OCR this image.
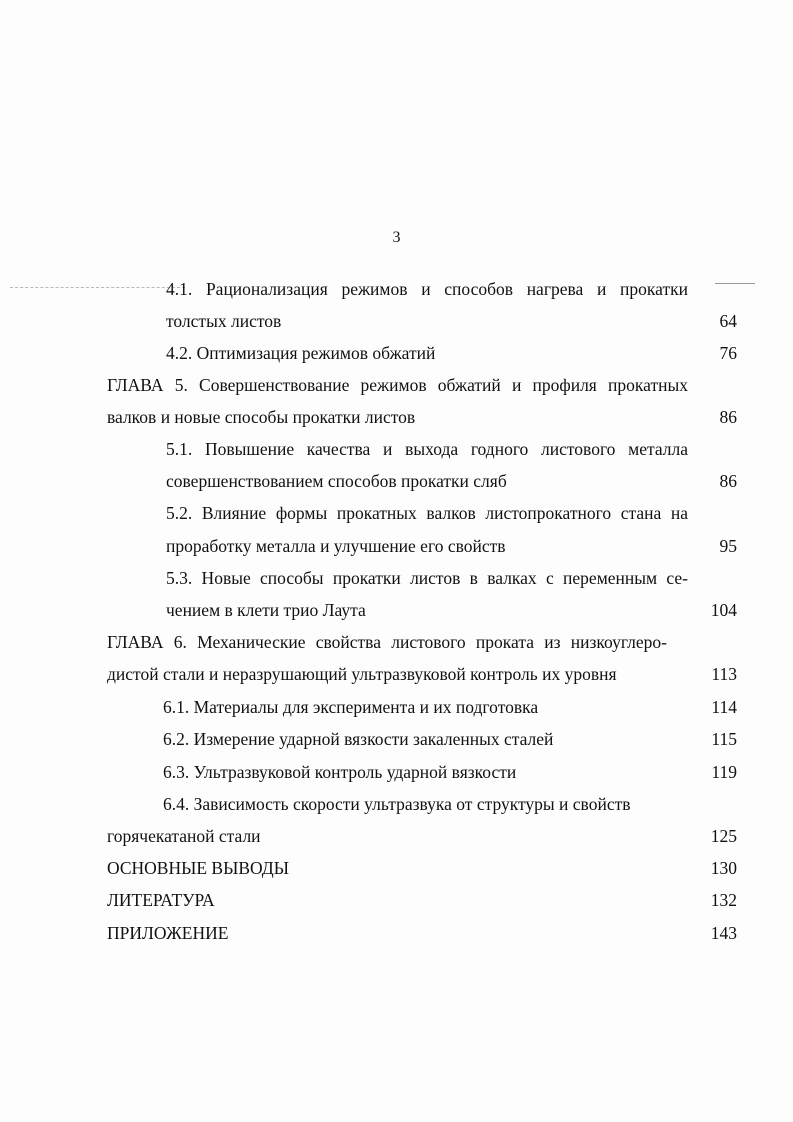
3
4.1. Рационализация режимов и способов нагрева и прокатки
толстых листов	64
4.2. Оптимизация режимов обжатий	76
ГЛАВА 5. Совершенствование режимов обжатий и профиля прокатных
валков и новые способы прокатки листов	86
5.1. Повышение качества и выхода годного листового металла
совершенствованием способов прокатки сляб	86
5.2. Влияние формы прокатных валков листопрокатного стана на
проработку металла и улучшение его свойств	95
5.3. Новые способы прокатки листов в валках с переменным се-
чением в клети трио Лаута	104
ГЛАВА 6. Механические свойства листового проката из низкоуглеро-
дистой стали и неразрушающий ультразвуковой контроль их уровня	113
6.1. Материалы для эксперимента и их подготовка	114
6.2. Измерение ударной вязкости закаленных сталей	115
6.3. Ультразвуковой контроль ударной вязкости	119
6.4. Зависимость скорости ультразвука от структуры и свойств
горячекатаной стали	125
ОСНОВНЫЕ ВЫВОДЫ	130
ЛИТЕРАТУРА	132
ПРИЛОЖЕНИЕ	143
